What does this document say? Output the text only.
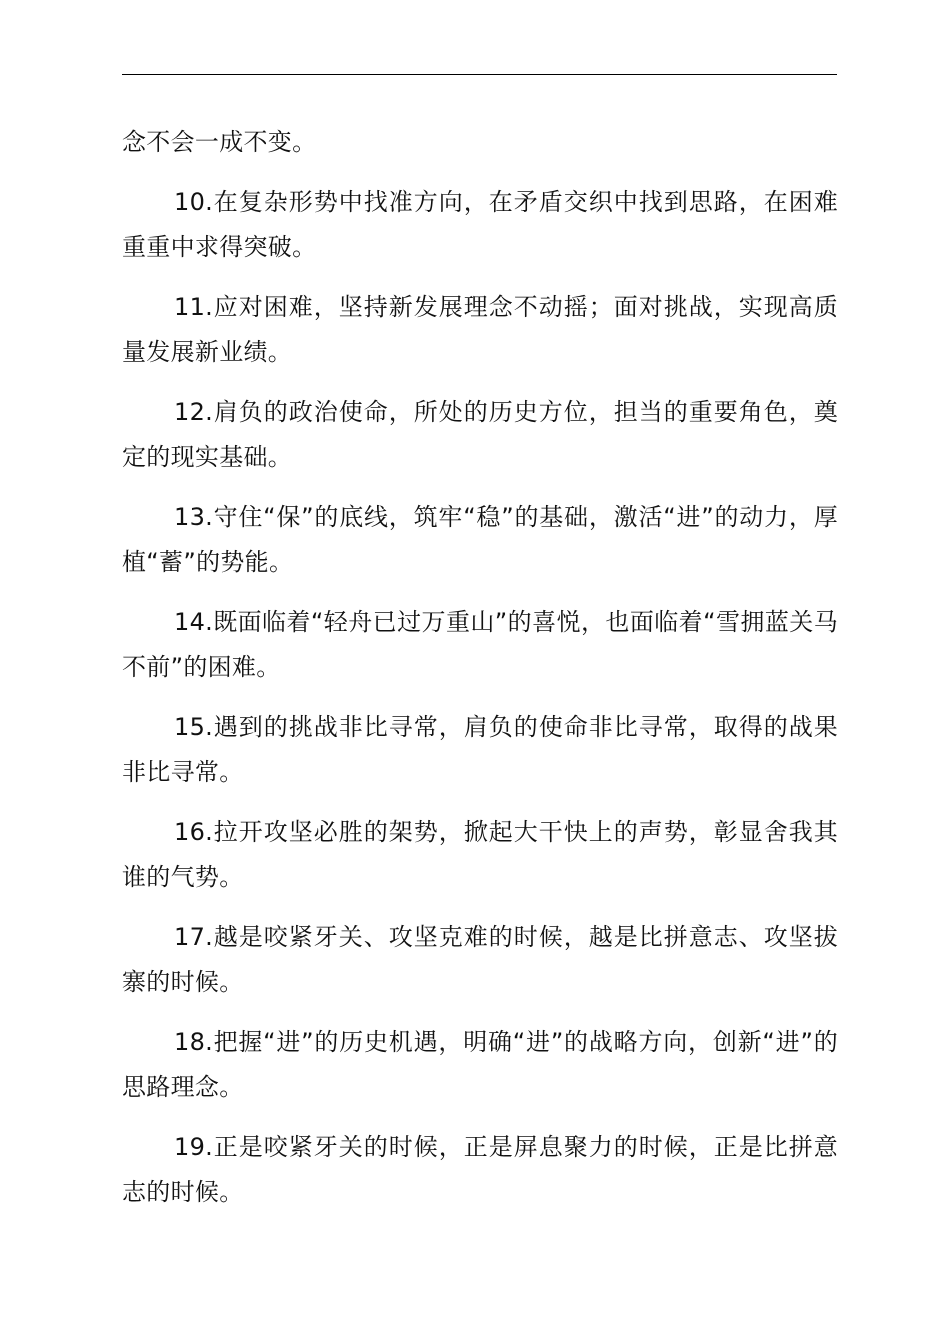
念不会一成不变。

10.在复杂形势中找准方向，在矛盾交织中找到思路，在困难重重中求得突破。

11.应对困难，坚持新发展理念不动摇；面对挑战，实现高质量发展新业绩。

12.肩负的政治使命，所处的历史方位，担当的重要角色，奠定的现实基础。

13.守住“保”的底线，筑牢“稳”的基础，激活“进”的动力，厚植“蓄”的势能。

14.既面临着“轻舟已过万重山”的喜悦，也面临着“雪拥蓝关马不前”的困难。

15.遇到的挑战非比寻常，肩负的使命非比寻常，取得的战果非比寻常。

16.拉开攻坚必胜的架势，掀起大干快上的声势，彰显舍我其谁的气势。

17.越是咬紧牙关、攻坚克难的时候，越是比拼意志、攻坚拔寨的时候。

18.把握“进”的历史机遇，明确“进”的战略方向，创新“进”的思路理念。

19.正是咬紧牙关的时候，正是屏息聚力的时候，正是比拼意志的时候。
